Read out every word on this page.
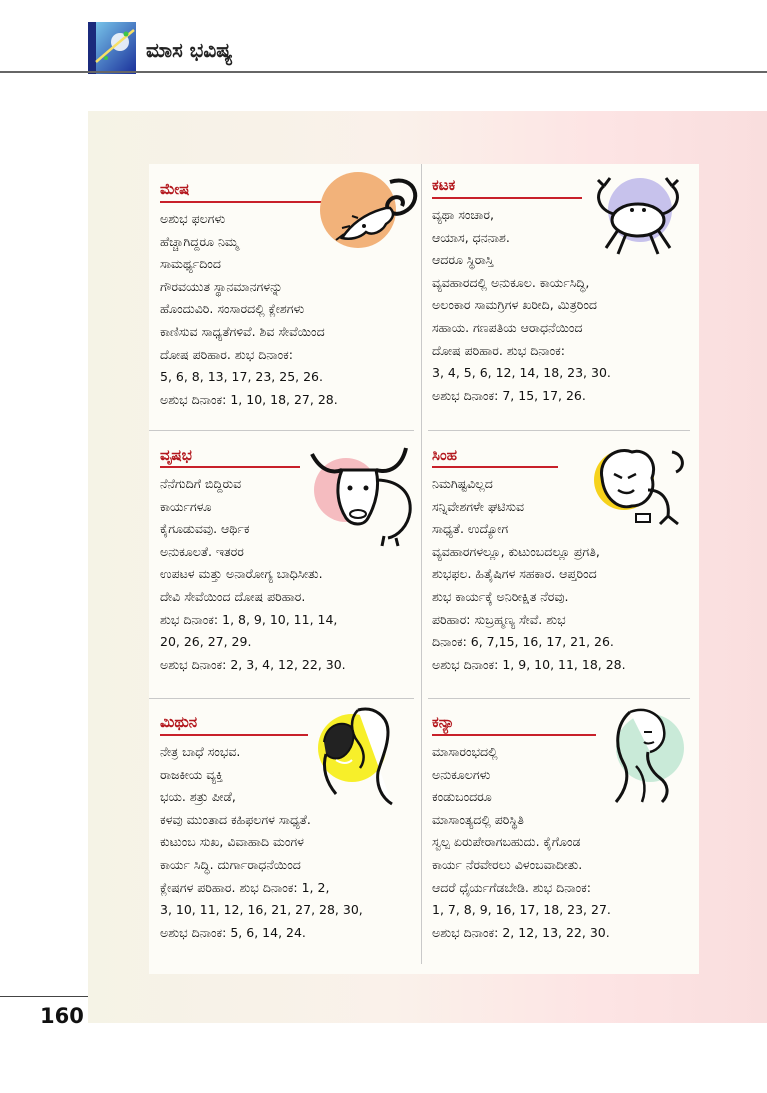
ಮಾಸ ಭವಿಷ್ಯ
ಮೇಷ
ಅಶುಭ ಫಲಗಳು
ಹೆಚ್ಚಾಗಿದ್ದರೂ ನಿಮ್ಮ
ಸಾಮರ್ಥ್ಯದಿಂದ
ಗೌರವಯುತ ಸ್ಥಾನಮಾನಗಳನ್ನು
ಹೊಂದುವಿರಿ. ಸಂಸಾರದಲ್ಲಿ ಕ್ಲೇಶಗಳು
ಕಾಣಿಸುವ ಸಾಧ್ಯತೆಗಳಿವೆ. ಶಿವ ಸೇವೆಯಿಂದ
ದೋಷ ಪರಿಹಾರ. ಶುಭ ದಿನಾಂಕ:
5, 6, 8, 13, 17, 23, 25, 26.
ಅಶುಭ ದಿನಾಂಕ: 1, 10, 18, 27, 28.
ಕಟಕ
ವ್ಯಥಾ ಸಂಚಾರ,
ಆಯಾಸ, ಧನನಾಶ.
ಆದರೂ ಸ್ಥಿರಾಸ್ತಿ
ವ್ಯವಹಾರದಲ್ಲಿ ಅನುಕೂಲ. ಕಾರ್ಯಸಿದ್ಧಿ,
ಅಲಂಕಾರ ಸಾಮಗ್ರಿಗಳ ಖರೀದಿ, ಮಿತ್ರರಿಂದ
ಸಹಾಯ. ಗಣಪತಿಯ ಆರಾಧನೆಯಿಂದ
ದೋಷ ಪರಿಹಾರ. ಶುಭ ದಿನಾಂಕ:
3, 4, 5, 6, 12, 14, 18, 23, 30.
ಅಶುಭ ದಿನಾಂಕ: 7, 15, 17, 26.
ವೃಷಭ
ನೆನೆಗುದಿಗೆ ಬಿದ್ದಿರುವ
ಕಾರ್ಯಗಳೂ
ಕೈಗೂಡುವವು. ಆರ್ಥಿಕ
ಅನುಕೂಲತೆ. ಇತರರ
ಉಪಟಳ ಮತ್ತು ಅನಾರೋಗ್ಯ ಬಾಧಿಸೀತು.
ದೇವಿ ಸೇವೆಯಿಂದ ದೋಷ ಪರಿಹಾರ.
ಶುಭ ದಿನಾಂಕ: 1, 8, 9, 10, 11, 14,
20, 26, 27, 29.
ಅಶುಭ ದಿನಾಂಕ: 2, 3, 4, 12, 22, 30.
ಸಿಂಹ
ನಿಮಗಿಷ್ಟವಿಲ್ಲದ
ಸನ್ನಿವೇಶಗಳೇ ಘಟಿಸುವ
ಸಾಧ್ಯತೆ. ಉದ್ಯೋಗ
ವ್ಯವಹಾರಗಳಲ್ಲೂ, ಕುಟುಂಬದಲ್ಲೂ ಪ್ರಗತಿ,
ಶುಭಫಲ. ಹಿತೈಷಿಗಳ ಸಹಕಾರ. ಆಪ್ತರಿಂದ
ಶುಭ ಕಾರ್ಯಕ್ಕೆ ಅನಿರೀಕ್ಷಿತ ನೆರವು.
ಪರಿಹಾರ: ಸುಬ್ರಹ್ಮಣ್ಯ ಸೇವೆ. ಶುಭ
ದಿನಾಂಕ: 6, 7,15, 16, 17, 21, 26.
ಅಶುಭ ದಿನಾಂಕ: 1, 9, 10, 11, 18, 28.
ಮಿಥುನ
ನೇತ್ರ ಬಾಧೆ ಸಂಭವ.
ರಾಜಕೀಯ ವ್ಯಕ್ತಿ
ಭಯ. ಶತ್ರು ಪೀಡೆ,
ಕಳವು ಮುಂತಾದ ಕಹಿಫಲಗಳ ಸಾಧ್ಯತೆ.
ಕುಟುಂಬ ಸುಖ, ವಿವಾಹಾದಿ ಮಂಗಳ
ಕಾರ್ಯ ಸಿದ್ಧಿ. ದುರ್ಗಾರಾಧನೆಯಿಂದ
ಕ್ಲೇಷಗಳ ಪರಿಹಾರ. ಶುಭ ದಿನಾಂಕ: 1, 2,
3, 10, 11, 12, 16, 21, 27, 28, 30,
ಅಶುಭ ದಿನಾಂಕ: 5, 6, 14, 24.
ಕನ್ಯಾ
ಮಾಸಾರಂಭದಲ್ಲಿ
ಅನುಕೂಲಗಳು
ಕಂಡುಬಂದರೂ
ಮಾಸಾಂತ್ಯದಲ್ಲಿ ಪರಿಸ್ಥಿತಿ
ಸ್ವಲ್ಪ ಏರುಪೇರಾಗಬಹುದು. ಕೈಗೊಂಡ
ಕಾರ್ಯ ನೆರವೇರಲು ವಿಳಂಬವಾದೀತು.
ಆದರೆ ಧೈರ್ಯಗೆಡಬೇಡಿ. ಶುಭ ದಿನಾಂಕ:
1, 7, 8, 9, 16, 17, 18, 23, 27.
ಅಶುಭ ದಿನಾಂಕ: 2, 12, 13, 22, 30.
160
